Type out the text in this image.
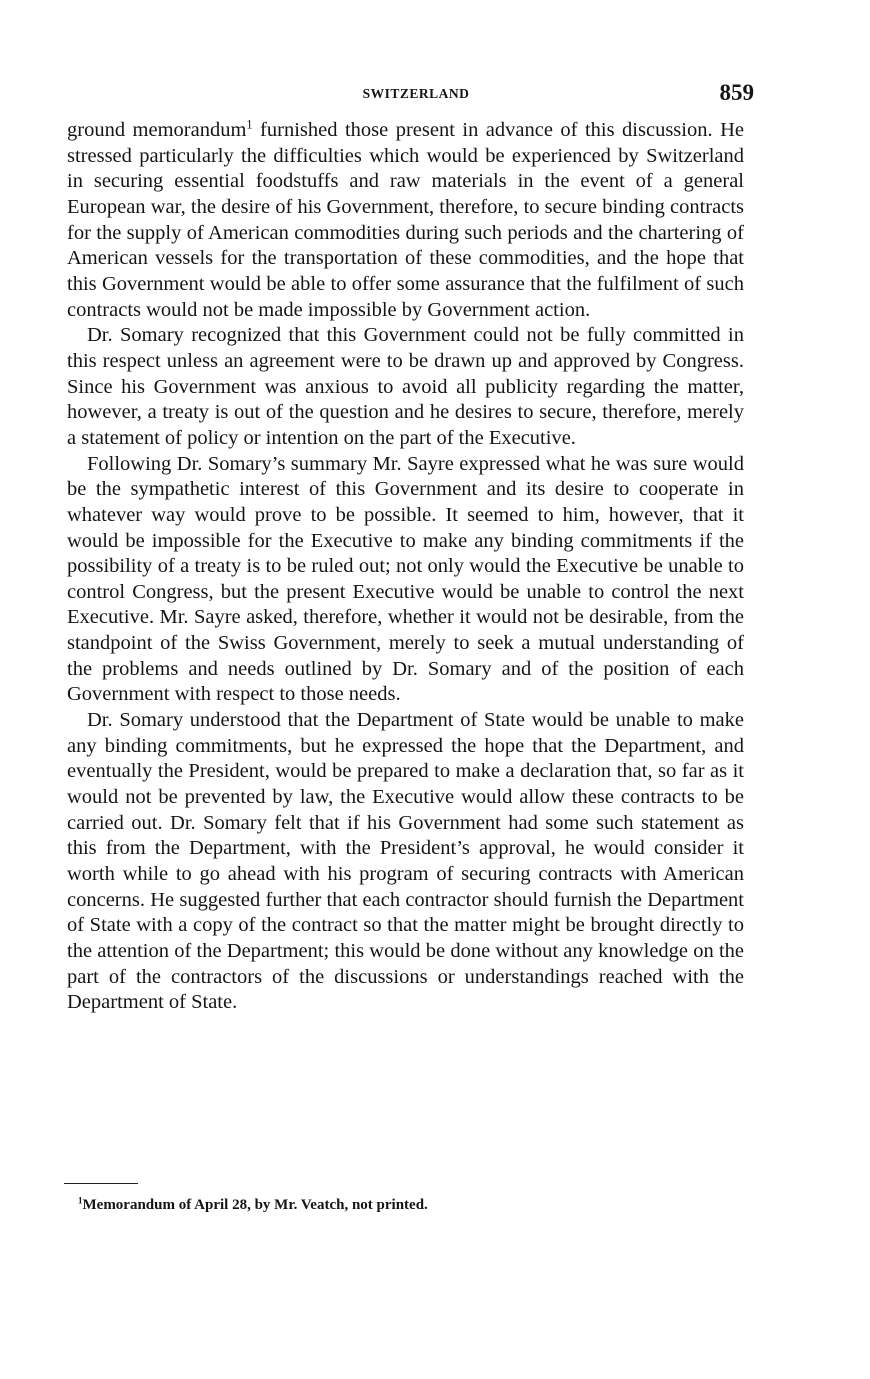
SWITZERLAND	859

ground memorandum$^1$ furnished those present in advance of this discussion. He stressed particularly the difficulties which would be experienced by Switzerland in securing essential foodstuffs and raw materials in the event of a general European war, the desire of his Government, therefore, to secure binding contracts for the supply of American commodities during such periods and the chartering of American vessels for the transportation of these commodities, and the hope that this Government would be able to offer some assurance that the fulfilment of such contracts would not be made impossible by Government action.

Dr. Somary recognized that this Government could not be fully committed in this respect unless an agreement were to be drawn up and approved by Congress. Since his Government was anxious to avoid all publicity regarding the matter, however, a treaty is out of the question and he desires to secure, therefore, merely a statement of policy or intention on the part of the Executive.

Following Dr. Somary’s summary Mr. Sayre expressed what he was sure would be the sympathetic interest of this Government and its desire to cooperate in whatever way would prove to be possible. It seemed to him, however, that it would be impossible for the Executive to make any binding commitments if the possibility of a treaty is to be ruled out; not only would the Executive be unable to control Congress, but the present Executive would be unable to control the next Executive. Mr. Sayre asked, therefore, whether it would not be desirable, from the standpoint of the Swiss Government, merely to seek a mutual understanding of the problems and needs outlined by Dr. Somary and of the position of each Government with respect to those needs.

Dr. Somary understood that the Department of State would be unable to make any binding commitments, but he expressed the hope that the Department, and eventually the President, would be prepared to make a declaration that, so far as it would not be prevented by law, the Executive would allow these contracts to be carried out. Dr. Somary felt that if his Government had some such statement as this from the Department, with the President’s approval, he would consider it worth while to go ahead with his program of securing contracts with American concerns. He suggested further that each contractor should furnish the Department of State with a copy of the contract so that the matter might be brought directly to the attention of the Department; this would be done without any knowledge on the part of the contractors of the discussions or understandings reached with the Department of State.

$^1$Memorandum of April 28, by Mr. Veatch, not printed.
